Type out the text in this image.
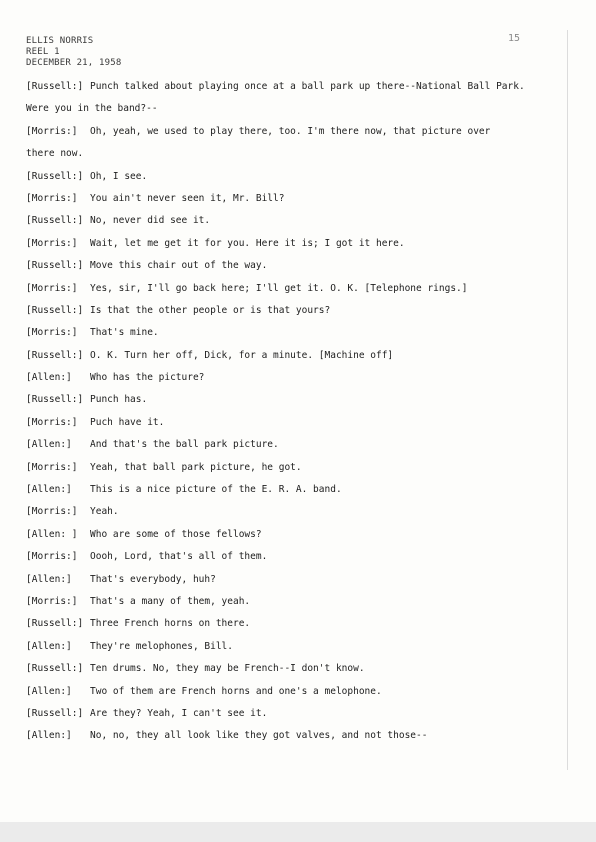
ELLIS NORRIS
REEL 1
DECEMBER 21, 1958
15
[Russell:] Punch talked about playing once at a ball park up there--National Ball Park.
Were you in the band?--
[Morris:]	Oh, yeah, we used to play there, too. I'm there now, that picture over
there now.
[Russell:] Oh, I see.
[Morris:]	You ain't never seen it, Mr. Bill?
[Russell:] No, never did see it.
[Morris:]	Wait, let me get it for you. Here it is; I got it here.
[Russell:] Move this chair out of the way.
[Morris:]	Yes, sir, I'll go back here; I'll get it. O. K. [Telephone rings.]
[Russell:] Is that the other people or is that yours?
[Morris:]	That's mine.
[Russell:] O. K. Turn her off, Dick, for a minute. [Machine off]
[Allen:]	Who has the picture?
[Russell:] Punch has.
[Morris:]	Puch have it.
[Allen:]	And that's the ball park picture.
[Morris:]	Yeah, that ball park picture, he got.
[Allen:]	This is a nice picture of the E. R. A. band.
[Morris:]	Yeah.
[Allen: ]	Who are some of those fellows?
[Morris:]	Oooh, Lord, that's all of them.
[Allen:]	That's everybody, huh?
[Morris:]	That's a many of them, yeah.
[Russell:] Three French horns on there.
[Allen:]	They're melophones, Bill.
[Russell:] Ten drums. No, they may be French--I don't know.
[Allen:]	Two of them are French horns and one's a melophone.
[Russell:] Are they? Yeah, I can't see it.
[Allen:]	No, no, they all look like they got valves, and not those--
